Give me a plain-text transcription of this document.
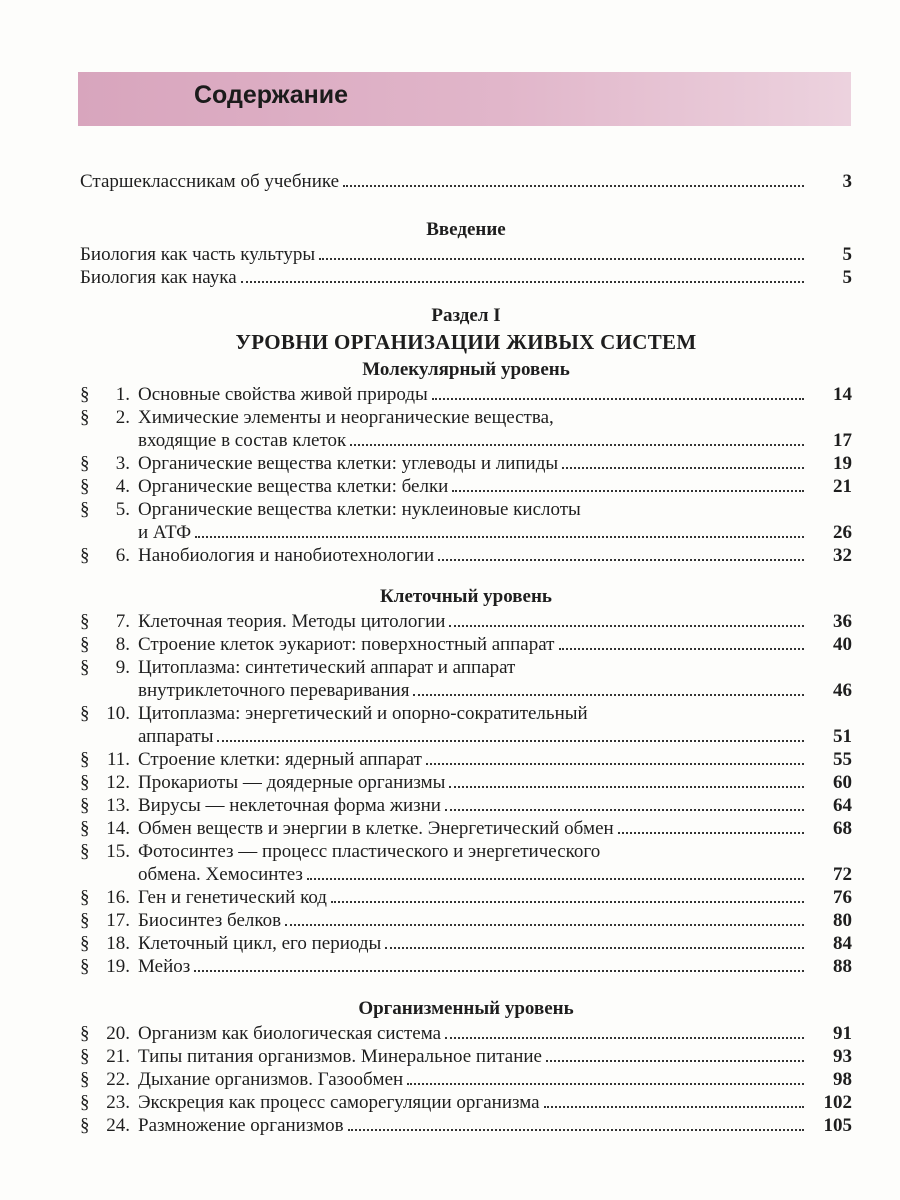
Содержание
Старшеклассникам об учебнике	3
Введение
Биология как часть культуры	5
Биология как наука	5
Раздел I
УРОВНИ ОРГАНИЗАЦИИ ЖИВЫХ СИСТЕМ
Молекулярный уровень
§ 1. Основные свойства живой природы	14
§ 2. Химические элементы и неорганические вещества,
входящие в состав клеток	17
§ 3. Органические вещества клетки: углеводы и липиды	19
§ 4. Органические вещества клетки: белки	21
§ 5. Органические вещества клетки: нуклеиновые кислоты
и АТФ	26
§ 6. Нанобиология и нанобиотехнологии	32
Клеточный уровень
§ 7. Клеточная теория. Методы цитологии	36
§ 8. Строение клеток эукариот: поверхностный аппарат	40
§ 9. Цитоплазма: синтетический аппарат и аппарат
внутриклеточного переваривания	46
§ 10. Цитоплазма: энергетический и опорно-сократительный
аппараты	51
§ 11. Строение клетки: ядерный аппарат	55
§ 12. Прокариоты — доядерные организмы	60
§ 13. Вирусы — неклеточная форма жизни	64
§ 14. Обмен веществ и энергии в клетке. Энергетический обмен	68
§ 15. Фотосинтез — процесс пластического и энергетического
обмена. Хемосинтез	72
§ 16. Ген и генетический код	76
§ 17. Биосинтез белков	80
§ 18. Клеточный цикл, его периоды	84
§ 19. Мейоз	88
Организменный уровень
§ 20. Организм как биологическая система	91
§ 21. Типы питания организмов. Минеральное питание	93
§ 22. Дыхание организмов. Газообмен	98
§ 23. Экскреция как процесс саморегуляции организма	102
§ 24. Размножение организмов	105
